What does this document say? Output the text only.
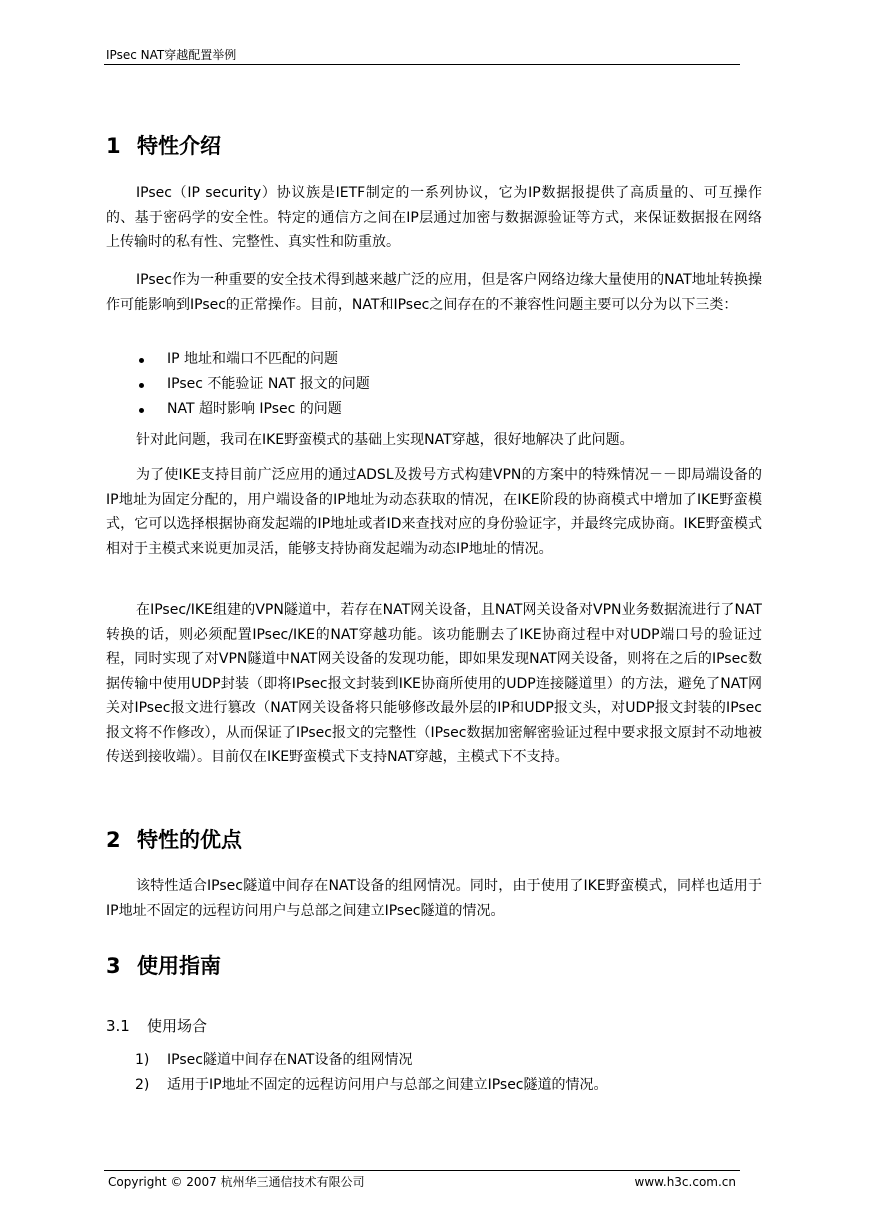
IPsec NAT穿越配置举例
1 特性介绍

IPsec（IP security）协议族是IETF制定的一系列协议，它为IP数据报提供了高质量的、可互操作的、基于密码学的安全性。特定的通信方之间在IP层通过加密与数据源验证等方式，来保证数据报在网络上传输时的私有性、完整性、真实性和防重放。

IPsec作为一种重要的安全技术得到越来越广泛的应用，但是客户网络边缘大量使用的NAT地址转换操作可能影响到IPsec的正常操作。目前，NAT和IPsec之间存在的不兼容性问题主要可以分为以下三类：

IP 地址和端口不匹配的问题
IPsec 不能验证 NAT 报文的问题
NAT 超时影响 IPsec 的问题

针对此问题，我司在IKE野蛮模式的基础上实现NAT穿越，很好地解决了此问题。

为了使IKE支持目前广泛应用的通过ADSL及拨号方式构建VPN的方案中的特殊情况－－即局端设备的IP地址为固定分配的，用户端设备的IP地址为动态获取的情况，在IKE阶段的协商模式中增加了IKE野蛮模式，它可以选择根据协商发起端的IP地址或者ID来查找对应的身份验证字，并最终完成协商。IKE野蛮模式相对于主模式来说更加灵活，能够支持协商发起端为动态IP地址的情况。

在IPsec/IKE组建的VPN隧道中，若存在NAT网关设备，且NAT网关设备对VPN业务数据流进行了NAT转换的话，则必须配置IPsec/IKE的NAT穿越功能。该功能删去了IKE协商过程中对UDP端口号的验证过程，同时实现了对VPN隧道中NAT网关设备的发现功能，即如果发现NAT网关设备，则将在之后的IPsec数据传输中使用UDP封装（即将IPsec报文封装到IKE协商所使用的UDP连接隧道里）的方法，避免了NAT网关对IPsec报文进行篡改（NAT网关设备将只能够修改最外层的IP和UDP报文头，对UDP报文封装的IPsec报文将不作修改），从而保证了IPsec报文的完整性（IPsec数据加密解密验证过程中要求报文原封不动地被传送到接收端）。目前仅在IKE野蛮模式下支持NAT穿越，主模式下不支持。

2 特性的优点

该特性适合IPsec隧道中间存在NAT设备的组网情况。同时，由于使用了IKE野蛮模式，同样也适用于IP地址不固定的远程访问用户与总部之间建立IPsec隧道的情况。

3 使用指南
3.1 使用场合
1) IPsec隧道中间存在NAT设备的组网情况
2) 适用于IP地址不固定的远程访问用户与总部之间建立IPsec隧道的情况。
Copyright © 2007 杭州华三通信技术有限公司	www.h3c.com.cn
